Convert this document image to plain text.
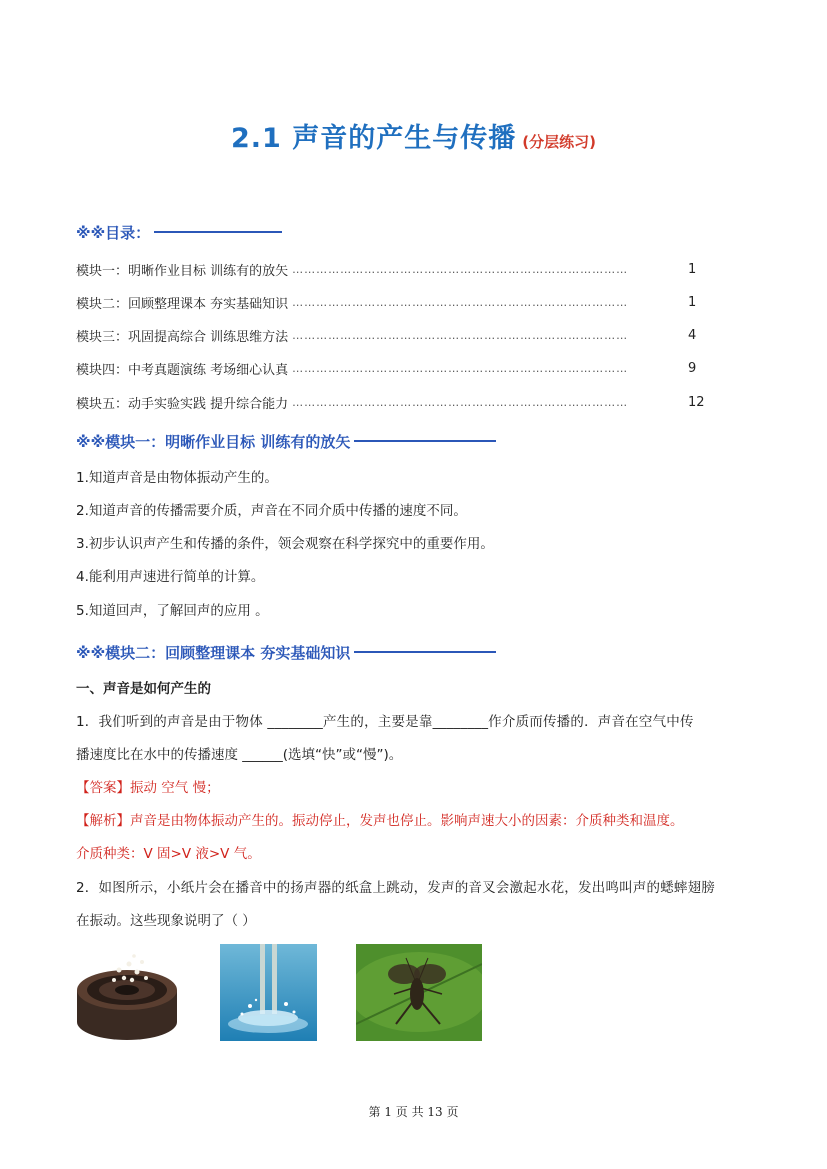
2.1 声音的产生与传播 (分层练习)
※※目录：
模块一：明晰作业目标 训练有的放矢 …………………………………………………………………………	1
模块二：回顾整理课本 夯实基础知识 …………………………………………………………………………	1
模块三：巩固提高综合 训练思维方法 …………………………………………………………………………	4
模块四：中考真题演练 考场细心认真 …………………………………………………………………………	9
模块五：动手实验实践 提升综合能力 …………………………………………………………………………	12
※※模块一：明晰作业目标 训练有的放矢
1.知道声音是由物体振动产生的。
2.知道声音的传播需要介质，声音在不同介质中传播的速度不同。
3.初步认识声产生和传播的条件，领会观察在科学探究中的重要作用。
4.能利用声速进行简单的计算。
5.知道回声，了解回声的应用 。
※※模块二：回顾整理课本 夯实基础知识
一、声音是如何产生的
1．我们听到的声音是由于物体 ________产生的，主要是靠________作介质而传播的．声音在空气中传
播速度比在水中的传播速度 ______(选填“快”或“慢”)。
【答案】振动 空气 慢；
【解析】声音是由物体振动产生的。振动停止，发声也停止。影响声速大小的因素：介质种类和温度。
介质种类：V 固>V 液>V 气。
2．如图所示，小纸片会在播音中的扬声器的纸盒上跳动，发声的音叉会激起水花，发出鸣叫声的蟋蟀翅膀
在振动。这些现象说明了（ ）
第 1 页 共 13 页
